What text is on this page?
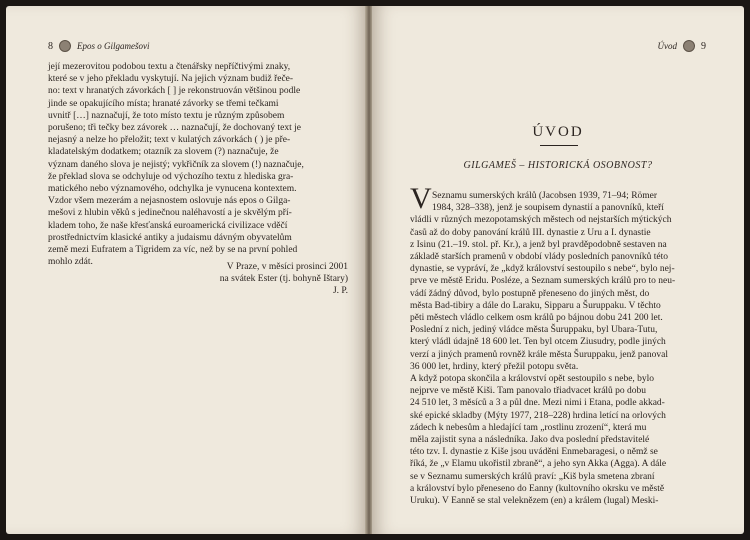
8	Epos o Gilgamešovi
její mezerovitou podobou textu a čtenářsky nepříčtivými znaky,
které se v jeho překladu vyskytují. Na jejich význam budiž řeče-
no: text v hranatých závorkách [ ] je rekonstruován většinou podle
jinde se opakujícího místa; hranaté závorky se třemi tečkami
uvnitř […] naznačují, že toto místo textu je různým způsobem
porušeno; tři tečky bez závorek … naznačují, že dochovaný text je
nejasný a nelze ho přeložit; text v kulatých závorkách ( ) je pře-
kladatelským dodatkem; otazník za slovem (?) naznačuje, že
význam daného slova je nejistý; vykřičník za slovem (!) naznačuje,
že překlad slova se odchyluje od výchozího textu z hlediska gra-
matického nebo významového, odchylka je vynucena kontextem.
Vzdor všem mezerám a nejasnostem oslovuje nás epos o Gilga-
mešovi z hlubin věků s jedinečnou naléhavostí a je skvělým pří-
kladem toho, že naše křesťanská euroamerická civilizace vděčí
prostřednictvím klasické antiky a judaismu dávným obyvatelům
země mezi Eufratem a Tigridem za víc, než by se na první pohled
mohlo zdát.	V Praze, v měsíci prosinci 2001
na svátek Ester (tj. bohyně Ištary)
J. P.
Úvod 9
ÚVOD
GILGAMEŠ – HISTORICKÁ OSOBNOST?
V Seznamu sumerských králů (Jacobsen 1939, 71–94; Römer
1984, 328–338), jenž je soupisem dynastií a panovníků, kteří
vládli v různých mezopotamských městech od nejstarších mýtických
časů až do doby panování králů III. dynastie z Uru a I. dynastie
z Isinu (21.–19. stol. př. Kr.), a jenž byl pravděpodobně sestaven na
základě starších pramenů v období vlády posledních panovníků této
dynastie, se vypráví, že „když království sestoupilo s nebe“, bylo nej-
prve ve městě Eridu. Posléze, a Seznam sumerských králů pro to neu-
vádí žádný důvod, bylo postupně přeneseno do jiných měst, do
města Bad-tibiry a dále do Laraku, Sipparu a Šuruppaku. V těchto
pěti městech vládlo celkem osm králů po bájnou dobu 241 200 let.
Poslední z nich, jediný vládce města Šuruppaku, byl Ubara-Tutu,
který vládl údajně 18 600 let. Ten byl otcem Ziusudry, podle jiných
verzí a jiných pramenů rovněž krále města Šuruppaku, jenž panoval
36 000 let, hrdiny, který přežil potopu světa.
A když potopa skončila a království opět sestoupilo s nebe, bylo
nejprve ve městě Kiši. Tam panovalo třiadvacet králů po dobu
24 510 let, 3 měsíců a 3 a půl dne. Mezi nimi i Etana, podle akkad-
ské epické skladby (Mýty 1977, 218–228) hrdina letící na orlových
zádech k nebesům a hledající tam „rostlinu zrození“, která mu
měla zajistit syna a následníka. Jako dva poslední představitelé
této tzv. I. dynastie z Kiše jsou uváděni Enmebaragesi, o němž se
říká, že „v Elamu ukořistil zbraně“, a jeho syn Akka (Agga). A dále
se v Seznamu sumerských králů praví: „Kiš byla smetena zbraní
a království bylo přeneseno do Eanny (kultovního okrsku ve městě
Uruku). V Eanně se stal veleknězem (en) a králem (lugal) Meski-
